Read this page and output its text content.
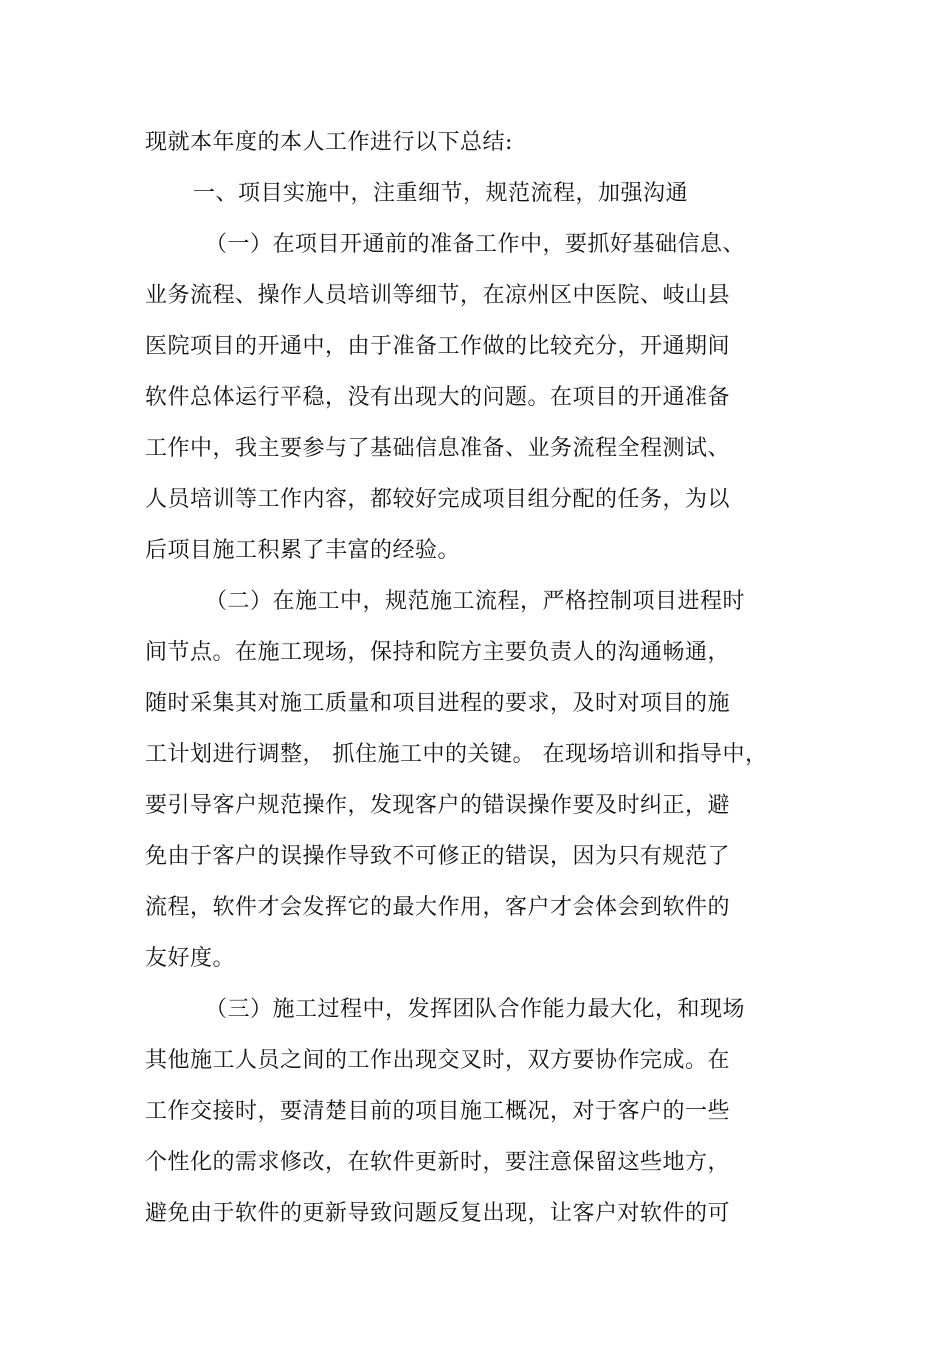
现就本年度的本人工作进行以下总结:
一、项目实施中，注重细节，规范流程，加强沟通
（一）在项目开通前的准备工作中，要抓好基础信息、
业务流程、操作人员培训等细节，在凉州区中医院、岐山县
医院项目的开通中，由于准备工作做的比较充分，开通期间
软件总体运行平稳，没有出现大的问题。在项目的开通准备
工作中，我主要参与了基础信息准备、业务流程全程测试、
人员培训等工作内容，都较好完成项目组分配的任务，为以
后项目施工积累了丰富的经验。
（二）在施工中，规范施工流程，严格控制项目进程时
间节点。在施工现场，保持和院方主要负责人的沟通畅通，
随时采集其对施工质量和项目进程的要求，及时对项目的施
工计划进行调整， 抓住施工中的关键。 在现场培训和指导中，
要引导客户规范操作，发现客户的错误操作要及时纠正，避
免由于客户的误操作导致不可修正的错误，因为只有规范了
流程，软件才会发挥它的最大作用，客户才会体会到软件的
友好度。
（三）施工过程中，发挥团队合作能力最大化，和现场
其他施工人员之间的工作出现交叉时，双方要协作完成。在
工作交接时，要清楚目前的项目施工概况，对于客户的一些
个性化的需求修改，在软件更新时，要注意保留这些地方，
避免由于软件的更新导致问题反复出现，让客户对软件的可
